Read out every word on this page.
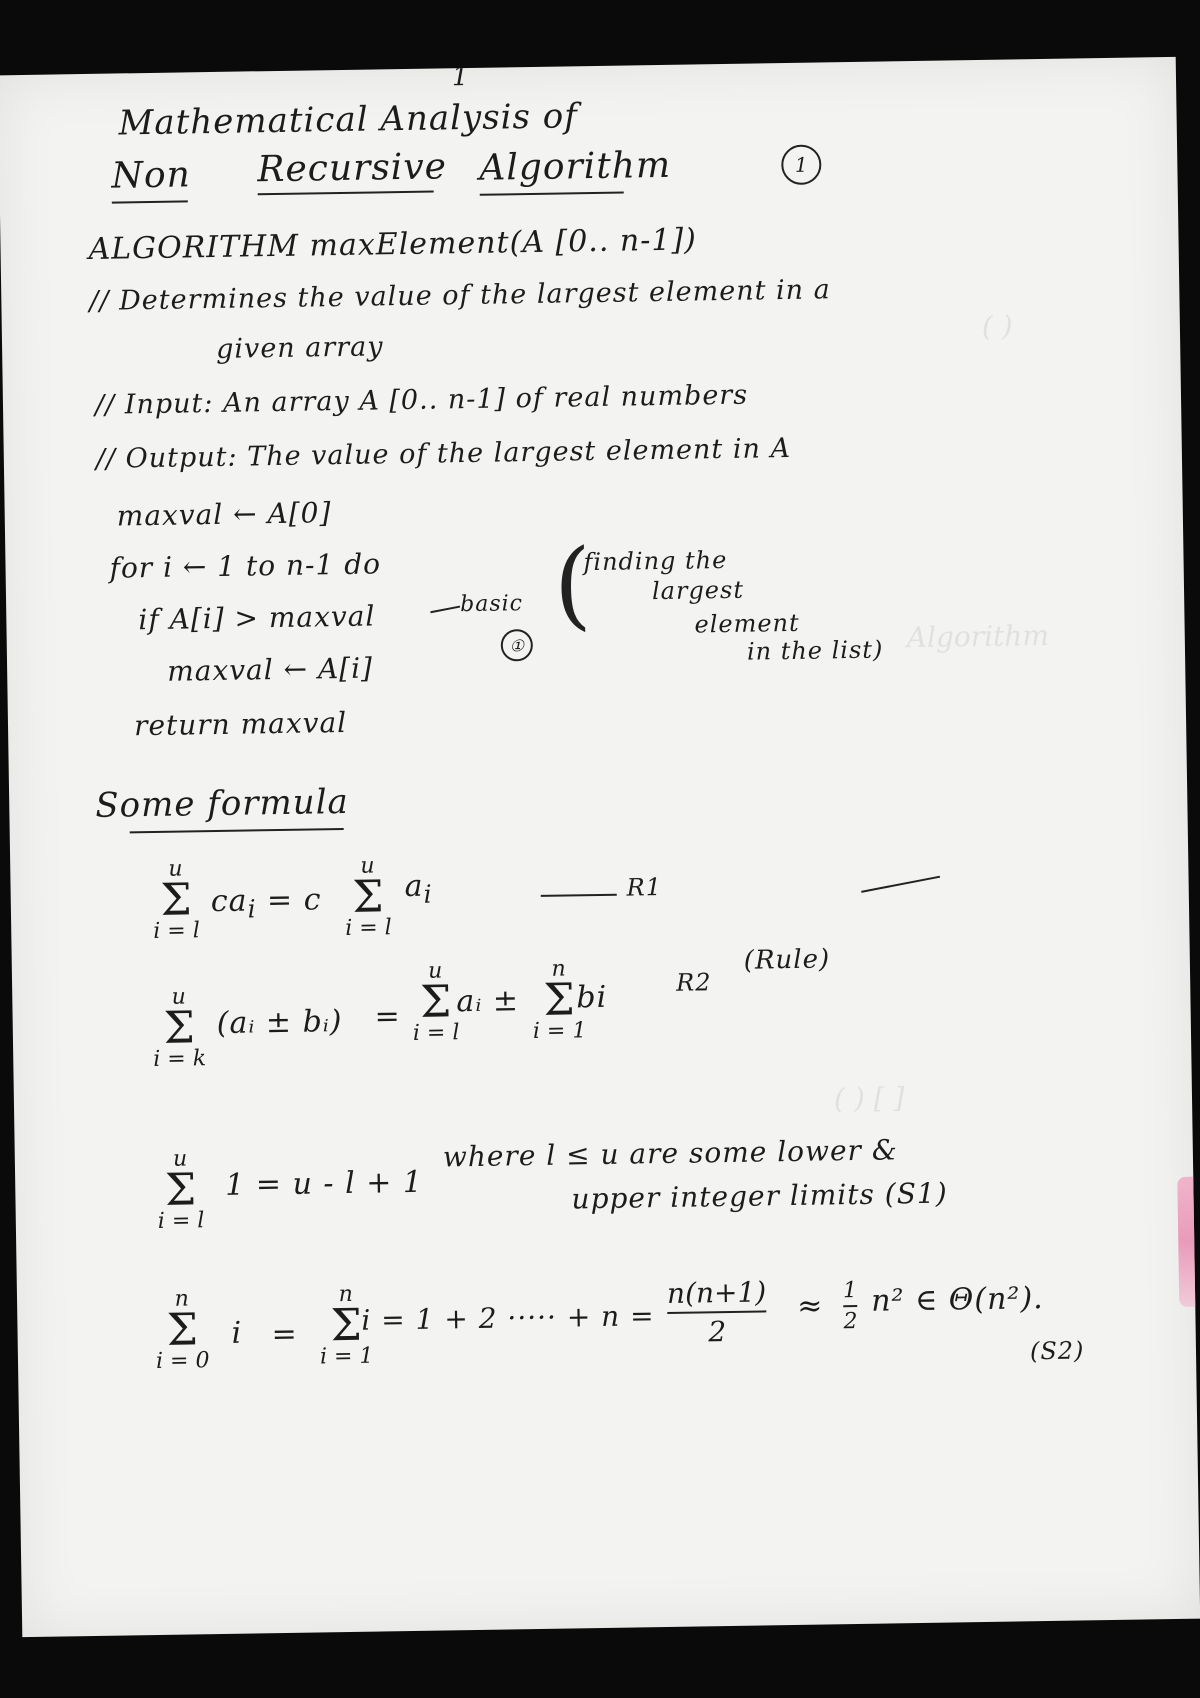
( )
Algorithm
( ) [ ]
1
Mathematical Analysis of
Non Recursive Algorithm	1
ALGORITHM maxElement(A [0.. n-1])
// Determines the value of the largest element in a
given array
// Input: An array A [0.. n-1] of real numbers
// Output: The value of the largest element in A
maxval ← A[0]
for i ← 1 to n-1 do
if A[i] > maxval
maxval ← A[i]
return maxval
basic
①
(
finding the
largest
element
in the list)
Some formula
u
Σ
i = l
$ca_i = c$
u
Σ
i = l
$a_i$	R1
u
Σ
i = k
(aᵢ ± bᵢ) =
u
Σ
i = l
aᵢ ±
n
Σ
i = 1
bi	R2
(Rule)
u
Σ
i = l
1 = u - l + 1
where l ≤ u are some lower &
upper integer limits (S1)
n
Σ
i = 0
i =
n
Σ
i = 1
i = 1 + 2 ····· + n =
n(n+1)
2
≈ 1
2
n² ∈ Θ(n²).
(S2)
